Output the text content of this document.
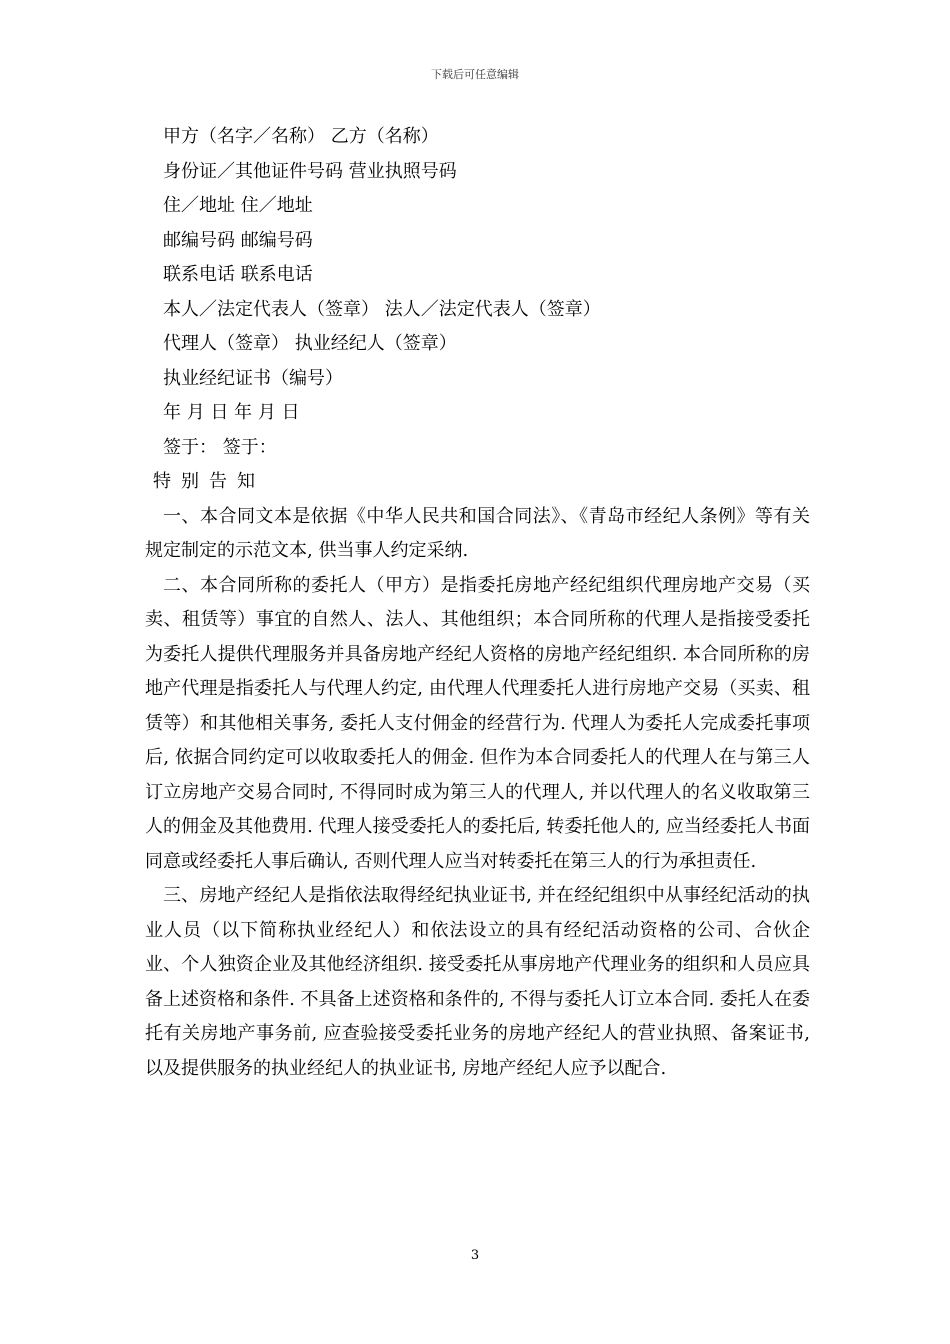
下载后可任意编辑
甲方（名字／名称） 乙方（名称）
身份证／其他证件号码 营业执照号码
住／地址 住／地址
邮编号码 邮编号码
联系电话 联系电话
本人／法定代表人（签章） 法人／法定代表人（签章）
代理人（签章） 执业经纪人（签章）
执业经纪证书（编号）
年 月 日 年 月 日
签于： 签于：
特别告知

一、本合同文本是依据《中华人民共和国合同法》、《青岛市经纪人条例》等有关规定制定的示范文本, 供当事人约定采纳.

二、本合同所称的委托人（甲方）是指委托房地产经纪组织代理房地产交易（买卖、租赁等）事宜的自然人、法人、其他组织；本合同所称的代理人是指接受委托为委托人提供代理服务并具备房地产经纪人资格的房地产经纪组织. 本合同所称的房地产代理是指委托人与代理人约定, 由代理人代理委托人进行房地产交易（买卖、租赁等）和其他相关事务, 委托人支付佣金的经营行为. 代理人为委托人完成委托事项后, 依据合同约定可以收取委托人的佣金. 但作为本合同委托人的代理人在与第三人订立房地产交易合同时, 不得同时成为第三人的代理人, 并以代理人的名义收取第三人的佣金及其他费用. 代理人接受委托人的委托后, 转委托他人的, 应当经委托人书面同意或经委托人事后确认, 否则代理人应当对转委托在第三人的行为承担责任.

三、房地产经纪人是指依法取得经纪执业证书, 并在经纪组织中从事经纪活动的执业人员（以下简称执业经纪人）和依法设立的具有经纪活动资格的公司、合伙企业、个人独资企业及其他经济组织. 接受委托从事房地产代理业务的组织和人员应具备上述资格和条件. 不具备上述资格和条件的, 不得与委托人订立本合同. 委托人在委托有关房地产事务前, 应查验接受委托业务的房地产经纪人的营业执照、备案证书, 以及提供服务的执业经纪人的执业证书, 房地产经纪人应予以配合.

3
